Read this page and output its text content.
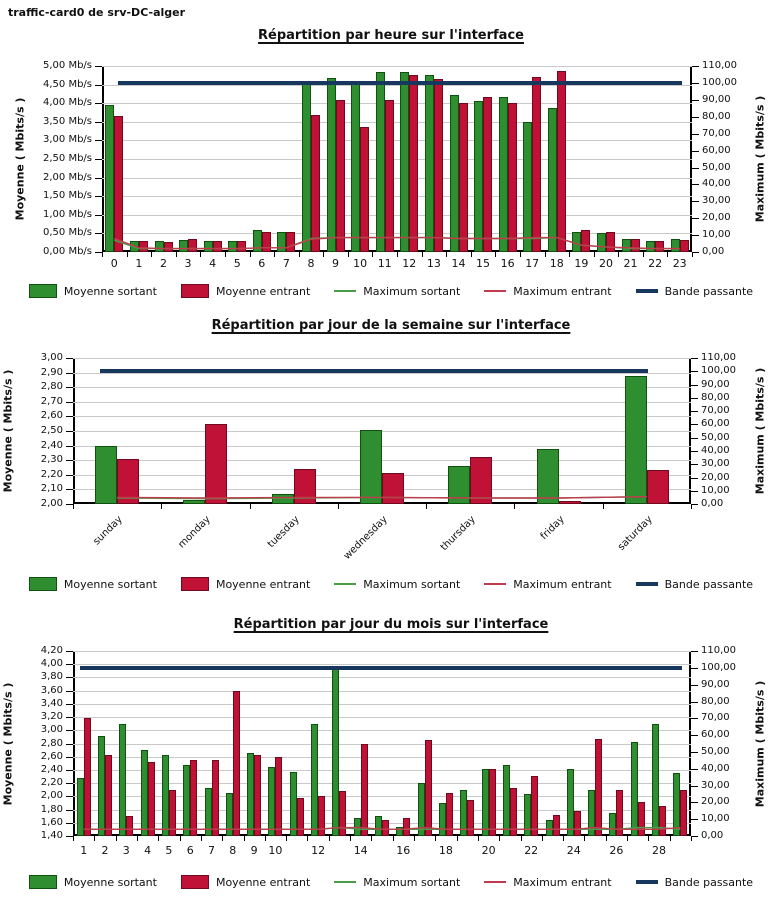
traffic-card0 de srv-DC-alger
Répartition par heure sur l'interface
Moyenne ( Mbits/s )	Maximum ( Mbits/s )
0,00 Mb/s
0,50 Mb/s
1,00 Mb/s
1,50 Mb/s
2,00 Mb/s
2,50 Mb/s
3,00 Mb/s
3,50 Mb/s
4,00 Mb/s
4,50 Mb/s
5,00 Mb/s
0,00
10,00
20,00
30,00
40,00
50,00
60,00
70,00
80,00
90,00
100,00
110,00
0	1	2	3	4	5	6	7	8	9	10 11 12 13 14 15 16 17 18 19 20 21 22 23
Moyenne sortant	Moyenne entrant	Maximum sortant	Maximum entrant	Bande passante
Répartition par jour de la semaine sur l'interface
Moyenne ( Mbits/s )	Maximum ( Mbits/s )
2,00
2,10
2,20
2,30
2,40
2,50
2,60
2,70
2,80
2,90
3,00
0,00
10,00
20,00
30,00
40,00
50,00
60,00
70,00
80,00
90,00
100,00
110,00
sunday	monday	tuesday	wednesday	thursday	friday	saturday
Moyenne sortant	Moyenne entrant	Maximum sortant	Maximum entrant	Bande passante
Répartition par jour du mois sur l'interface
Moyenne ( Mbits/s )	Maximum ( Mbits/s )
1,40
1,60
1,80
2,00
2,20
2,40
2,60
2,80
3,00
3,20
3,40
3,60
3,80
4,00
4,20
0,00
10,00
20,00
30,00
40,00
50,00
60,00
70,00
80,00
90,00
100,00
110,00
1	2	3	4	5	6	7	8	9 10	12	14	16	18	20	22	24	26	28
Moyenne sortant	Moyenne entrant	Maximum sortant	Maximum entrant	Bande passante
